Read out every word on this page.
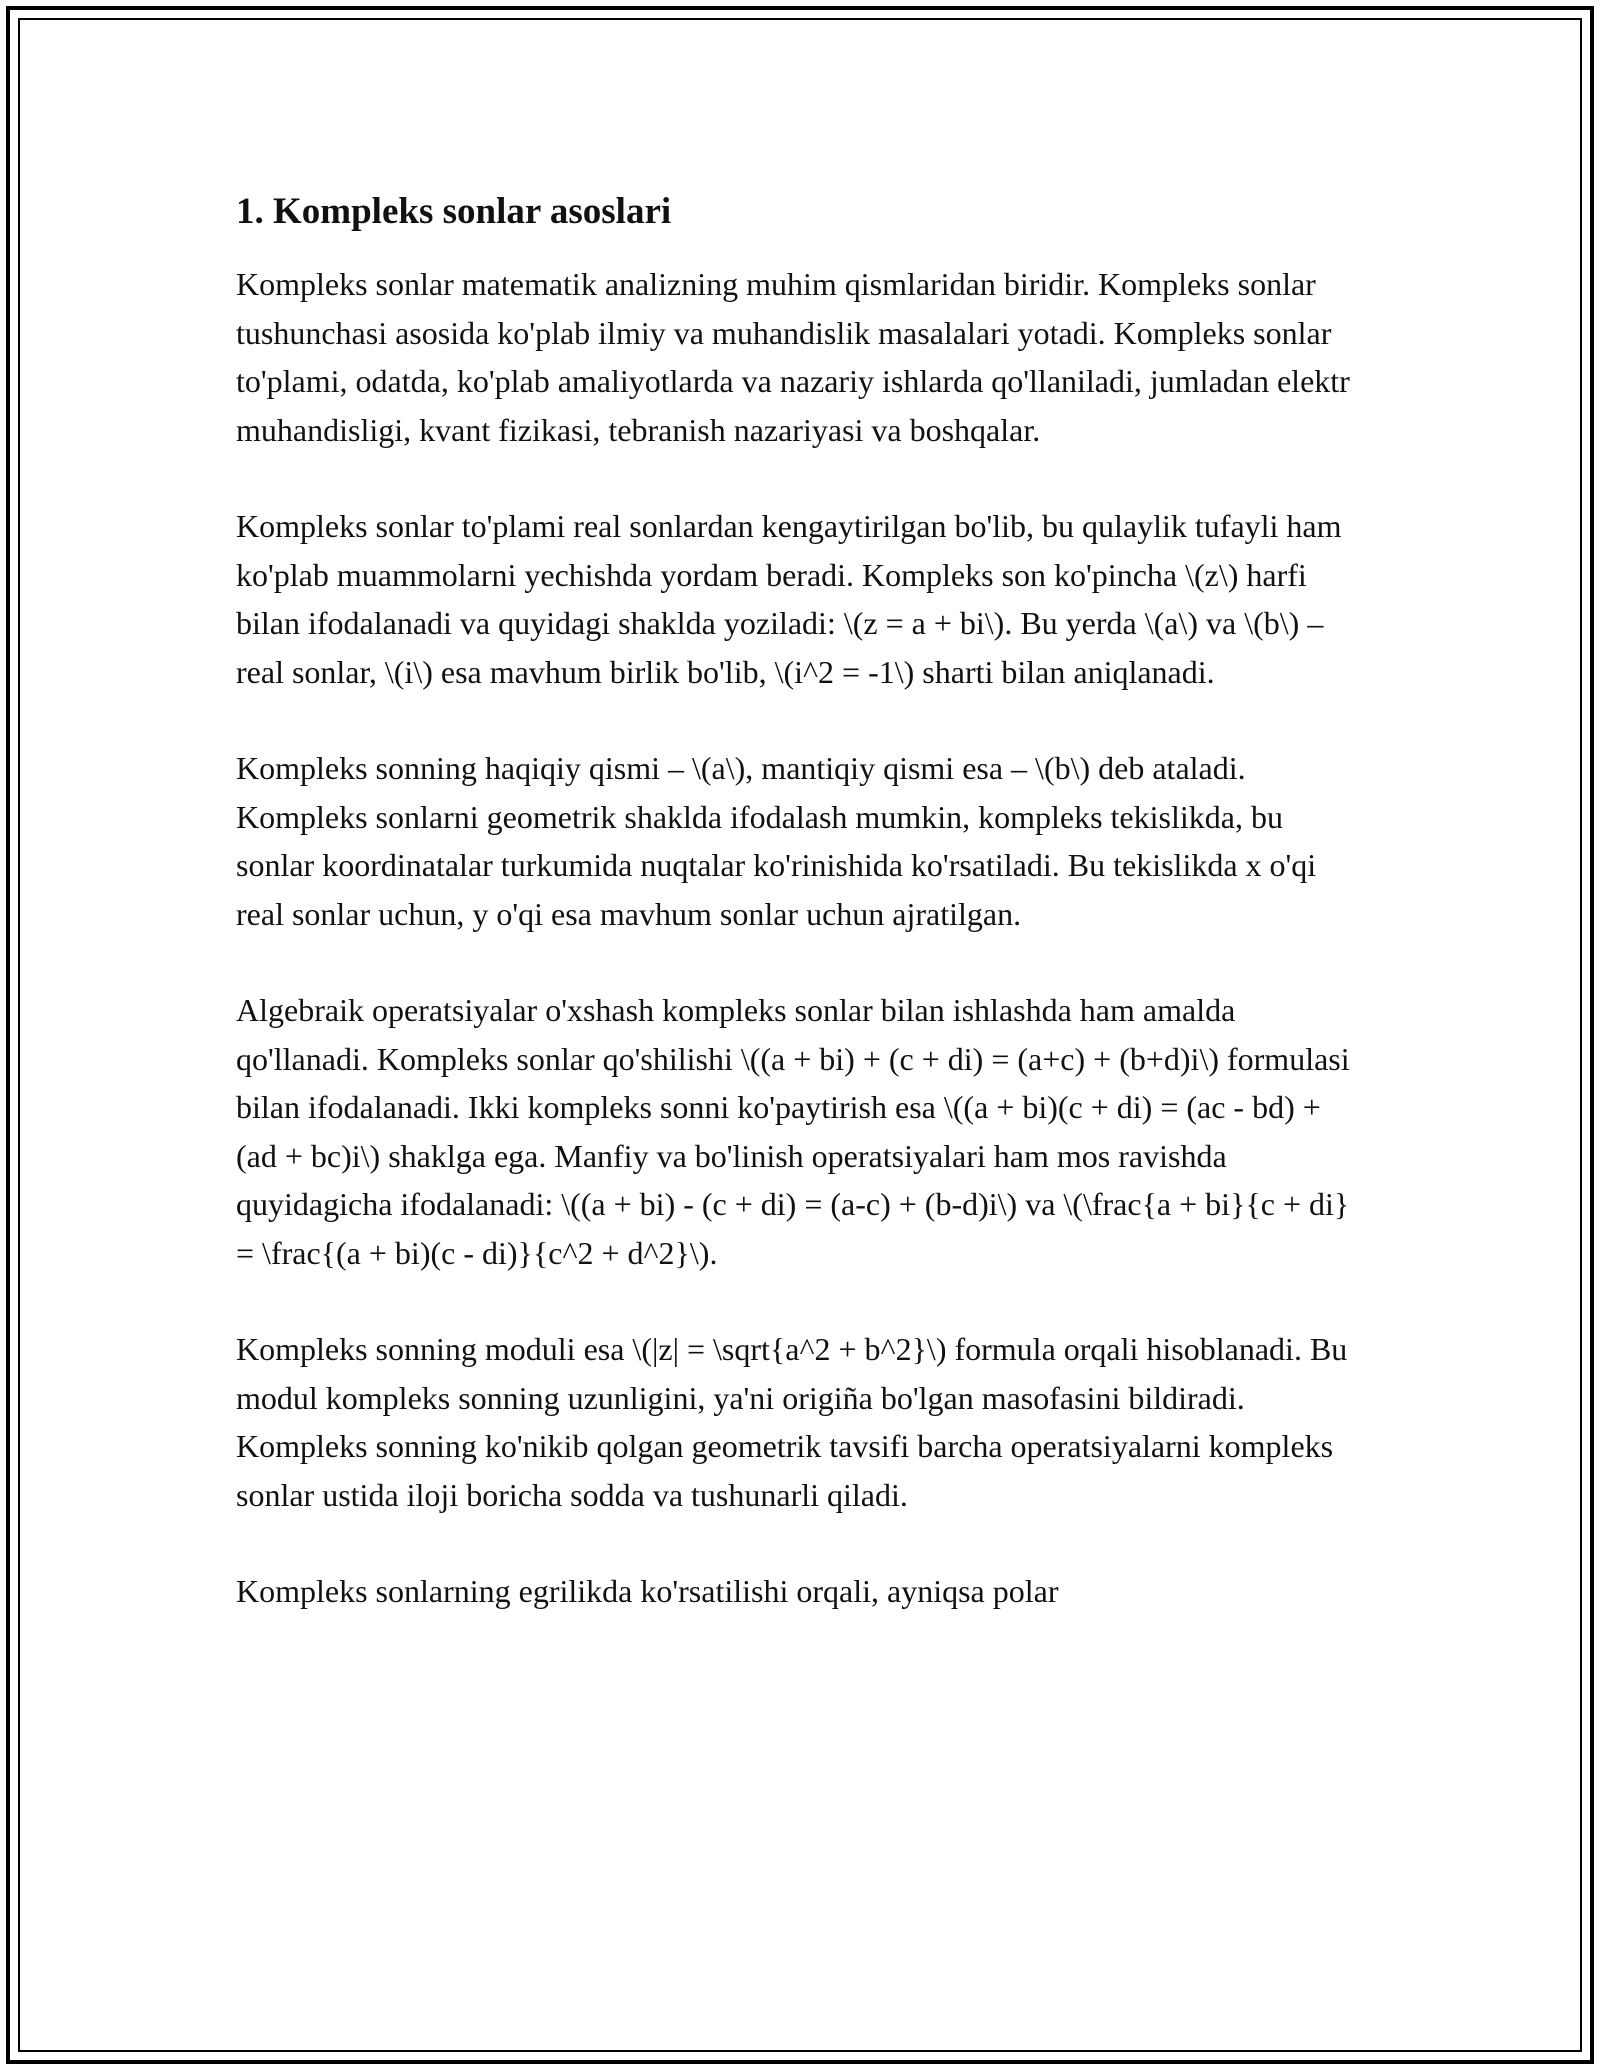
1. Kompleks sonlar asoslari

Kompleks sonlar matematik analizning muhim qismlaridan biridir. Kompleks sonlar tushunchasi asosida ko'plab ilmiy va muhandislik masalalari yotadi. Kompleks sonlar to'plami, odatda, ko'plab amaliyotlarda va nazariy ishlarda qo'llaniladi, jumladan elektr muhandisligi, kvant fizikasi, tebranish nazariyasi va boshqalar.

Kompleks sonlar to'plami real sonlardan kengaytirilgan bo'lib, bu qulaylik tufayli ham ko'plab muammolarni yechishda yordam beradi. Kompleks son ko'pincha \(z\) harfi bilan ifodalanadi va quyidagi shaklda yoziladi: \(z = a + bi\). Bu yerda \(a\) va \(b\) – real sonlar, \(i\) esa mavhum birlik bo'lib, \(i^2 = -1\) sharti bilan aniqlanadi.

Kompleks sonning haqiqiy qismi – \(a\), mantiqiy qismi esa – \(b\) deb ataladi. Kompleks sonlarni geometrik shaklda ifodalash mumkin, kompleks tekislikda, bu sonlar koordinatalar turkumida nuqtalar ko'rinishida ko'rsatiladi. Bu tekislikda x o'qi real sonlar uchun, y o'qi esa mavhum sonlar uchun ajratilgan.

Algebraik operatsiyalar o'xshash kompleks sonlar bilan ishlashda ham amalda qo'llanadi. Kompleks sonlar qo'shilishi \((a + bi) + (c + di) = (a+c) + (b+d)i\) formulasi bilan ifodalanadi. Ikki kompleks sonni ko'paytirish esa \((a + bi)(c + di) = (ac - bd) + (ad + bc)i\) shaklga ega. Manfiy va bo'linish operatsiyalari ham mos ravishda quyidagicha ifodalanadi: \((a + bi) - (c + di) = (a-c) + (b-d)i\) va \(\frac{a + bi}{c + di} = \frac{(a + bi)(c - di)}{c^2 + d^2}\).

Kompleks sonning moduli esa \(|z| = \sqrt{a^2 + b^2}\) formula orqali hisoblanadi. Bu modul kompleks sonning uzunligini, ya'ni origiña bo'lgan masofasini bildiradi. Kompleks sonning ko'nikib qolgan geometrik tavsifi barcha operatsiyalarni kompleks sonlar ustida iloji boricha sodda va tushunarli qiladi.

Kompleks sonlarning egrilikda ko'rsatilishi orqali, ayniqsa polar
